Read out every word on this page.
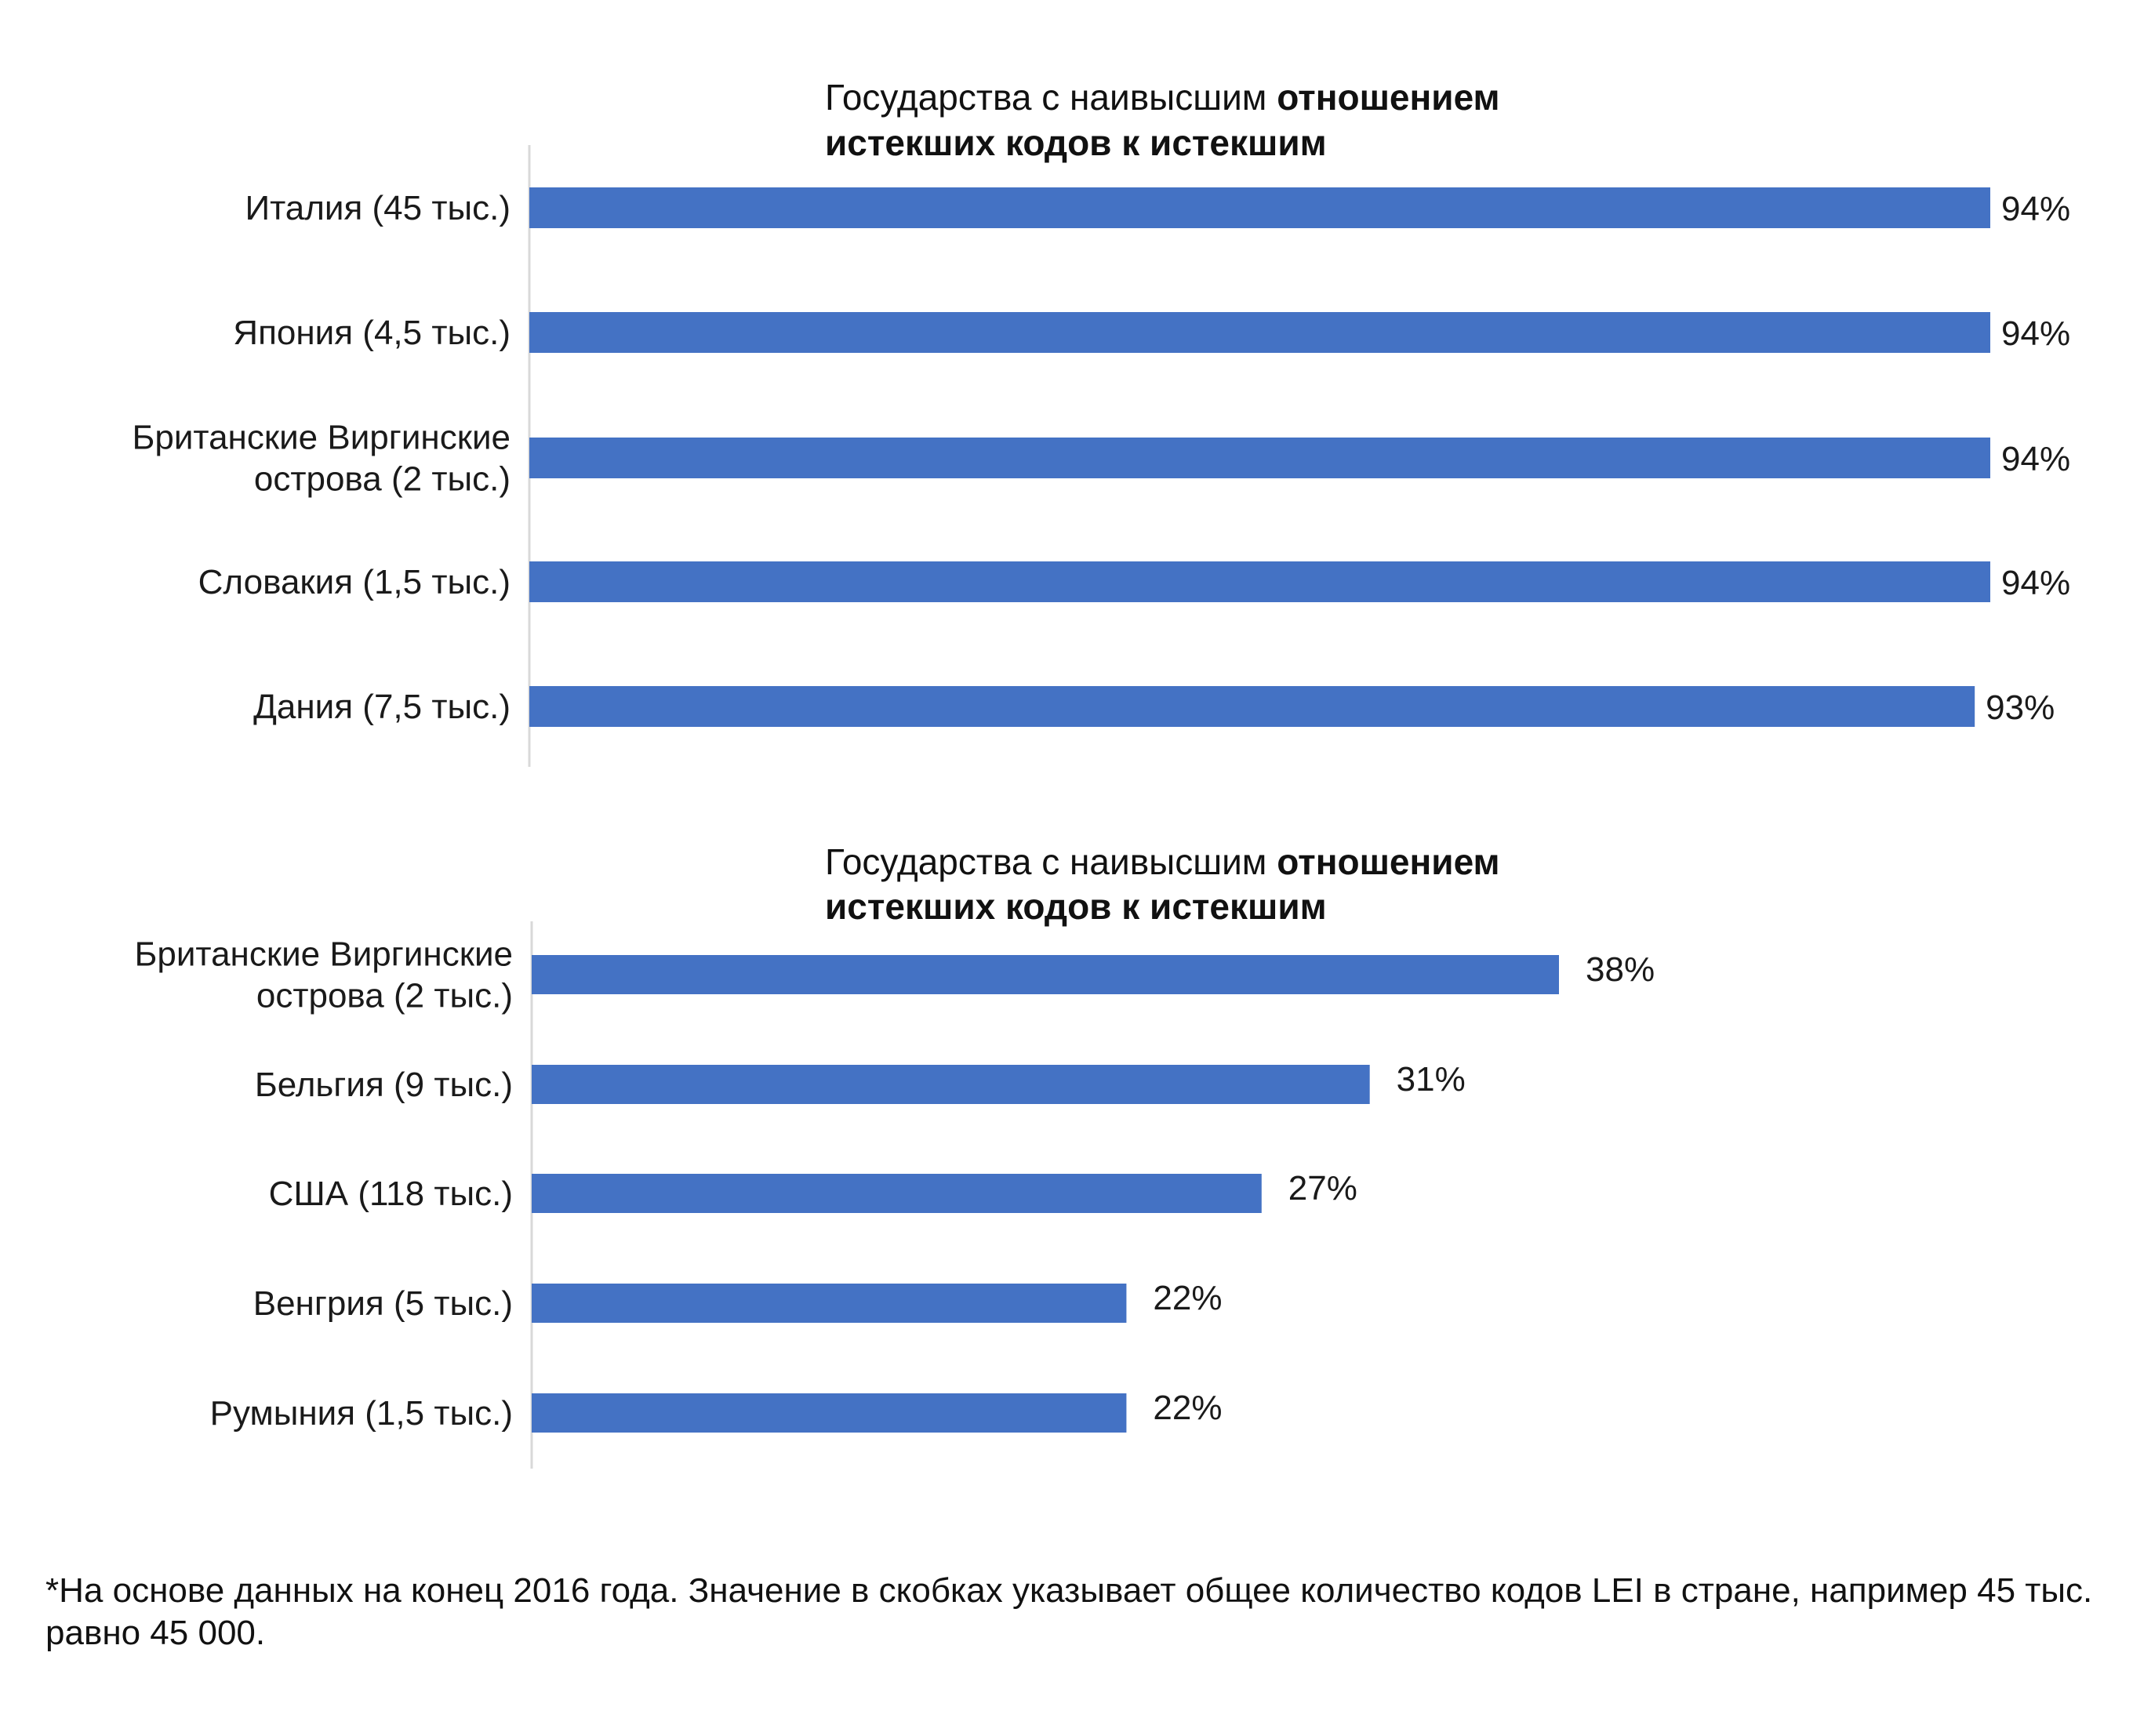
Государства с наивысшим отношением
истекших кодов к истекшим
94%
Италия (45 тыс.)
94%
Япония (4,5 тыс.)
94%
Британские Виргинские
острова (2 тыс.)
94%
Словакия (1,5 тыс.)
93%
Дания (7,5 тыс.)
Государства с наивысшим отношением
истекших кодов к истекшим
38%
Британские Виргинские
острова (2 тыс.)
31%
Бельгия (9 тыс.)
27%
США (118 тыс.)
22%
Венгрия (5 тыс.)
22%
Румыния (1,5 тыс.)
*На основе данных на конец 2016 года. Значение в скобках указывает общее количество кодов LEI в стране, например 45 тыс. равно 45 000.
